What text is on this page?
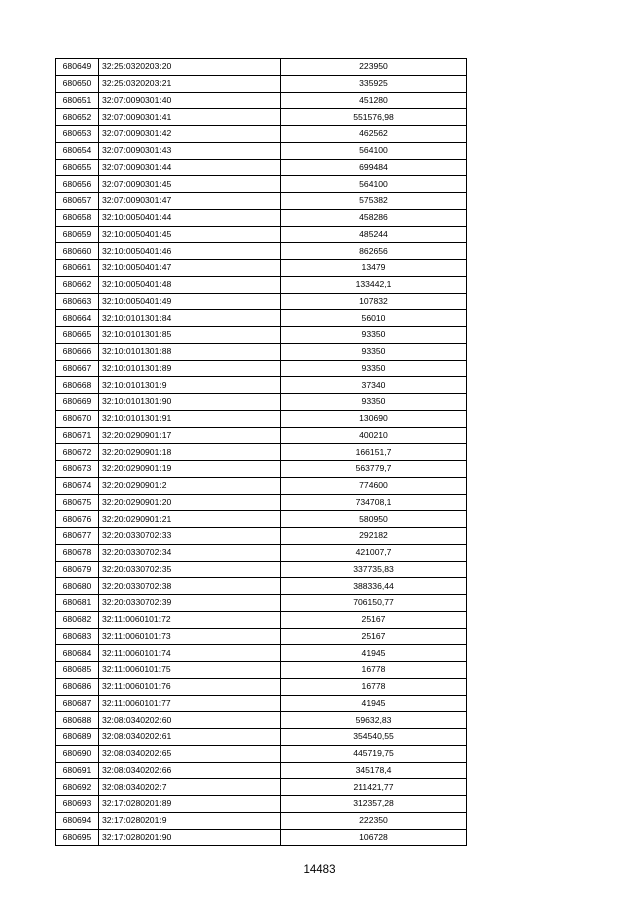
680649	32:25:0320203:20	223950
680650	32:25:0320203:21	335925
680651	32:07:0090301:40	451280
680652	32:07:0090301:41	551576,98
680653	32:07:0090301:42	462562
680654	32:07:0090301:43	564100
680655	32:07:0090301:44	699484
680656	32:07:0090301:45	564100
680657	32:07:0090301:47	575382
680658	32:10:0050401:44	458286
680659	32:10:0050401:45	485244
680660	32:10:0050401:46	862656
680661	32:10:0050401:47	13479
680662	32:10:0050401:48	133442,1
680663	32:10:0050401:49	107832
680664	32:10:0101301:84	56010
680665	32:10:0101301:85	93350
680666	32:10:0101301:88	93350
680667	32:10:0101301:89	93350
680668	32:10:0101301:9	37340
680669	32:10:0101301:90	93350
680670	32:10:0101301:91	130690
680671	32:20:0290901:17	400210
680672	32:20:0290901:18	166151,7
680673	32:20:0290901:19	563779,7
680674	32:20:0290901:2	774600
680675	32:20:0290901:20	734708,1
680676	32:20:0290901:21	580950
680677	32:20:0330702:33	292182
680678	32:20:0330702:34	421007,7
680679	32:20:0330702:35	337735,83
680680	32:20:0330702:38	388336,44
680681	32:20:0330702:39	706150,77
680682	32:11:0060101:72	25167
680683	32:11:0060101:73	25167
680684	32:11:0060101:74	41945
680685	32:11:0060101:75	16778
680686	32:11:0060101:76	16778
680687	32:11:0060101:77	41945
680688	32:08:0340202:60	59632,83
680689	32:08:0340202:61	354540,55
680690	32:08:0340202:65	445719,75
680691	32:08:0340202:66	345178,4
680692	32:08:0340202:7	211421,77
680693	32:17:0280201:89	312357,28
680694	32:17:0280201:9	222350
680695	32:17:0280201:90	106728
14483
